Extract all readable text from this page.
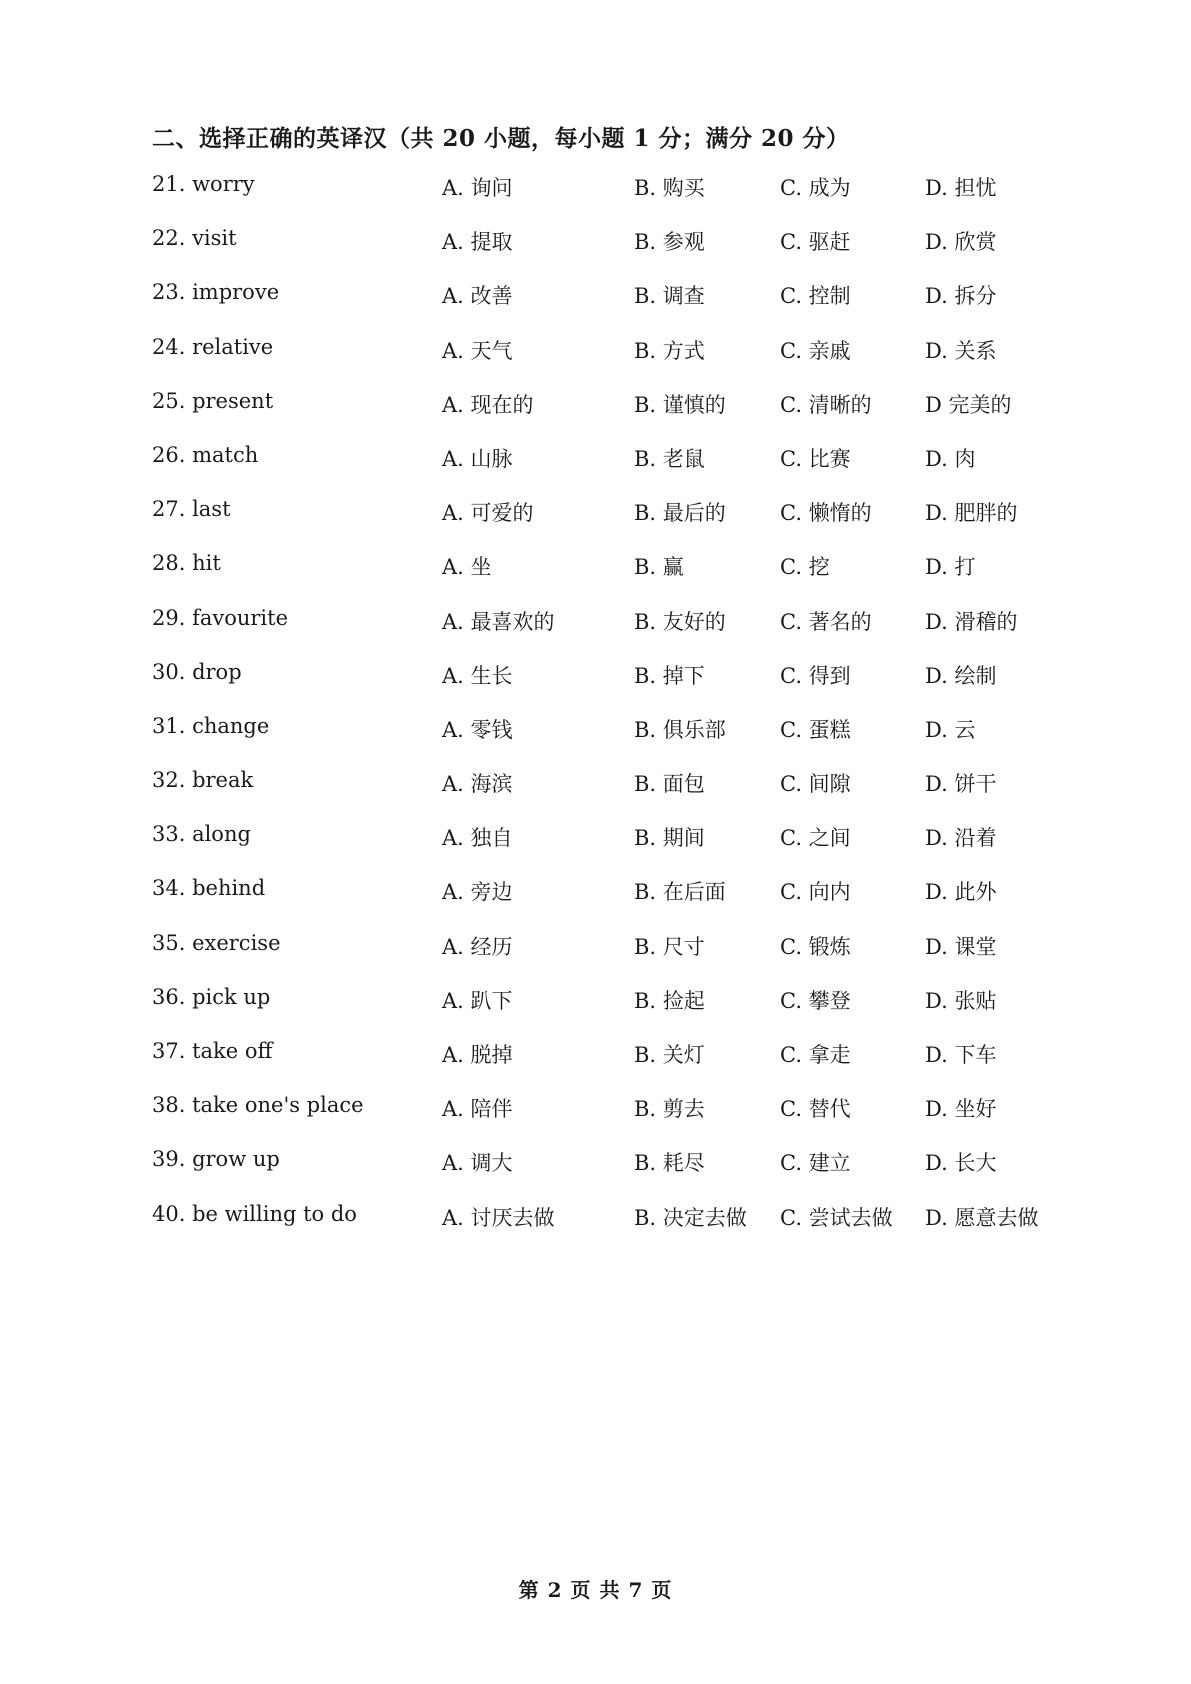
二、选择正确的英译汉（共 20 小题，每小题 1 分；满分 20 分）
21. worry	A. 询问	B. 购买	C. 成为	D. 担忧
22. visit	A. 提取	B. 参观	C. 驱赶	D. 欣赏
23. improve	A. 改善	B. 调查	C. 控制	D. 拆分
24. relative	A. 天气	B. 方式	C. 亲戚	D. 关系
25. present	A. 现在的	B. 谨慎的	C. 清晰的	D 完美的
26. match	A. 山脉	B. 老鼠	C. 比赛	D. 肉
27. last	A. 可爱的	B. 最后的	C. 懒惰的	D. 肥胖的
28. hit	A. 坐	B. 赢	C. 挖	D. 打
29. favourite	A. 最喜欢的	B. 友好的	C. 著名的	D. 滑稽的
30. drop	A. 生长	B. 掉下	C. 得到	D. 绘制
31. change	A. 零钱	B. 俱乐部	C. 蛋糕	D. 云
32. break	A. 海滨	B. 面包	C. 间隙	D. 饼干
33. along	A. 独自	B. 期间	C. 之间	D. 沿着
34. behind	A. 旁边	B. 在后面	C. 向内	D. 此外
35. exercise	A. 经历	B. 尺寸	C. 锻炼	D. 课堂
36. pick up	A. 趴下	B. 捡起	C. 攀登	D. 张贴
37. take off	A. 脱掉	B. 关灯	C. 拿走	D. 下车
38. take one's place	A. 陪伴	B. 剪去	C. 替代	D. 坐好
39. grow up	A. 调大	B. 耗尽	C. 建立	D. 长大
40. be willing to do	A. 讨厌去做	B. 决定去做 C. 尝试去做 D. 愿意去做
第 2 页 共 7 页
